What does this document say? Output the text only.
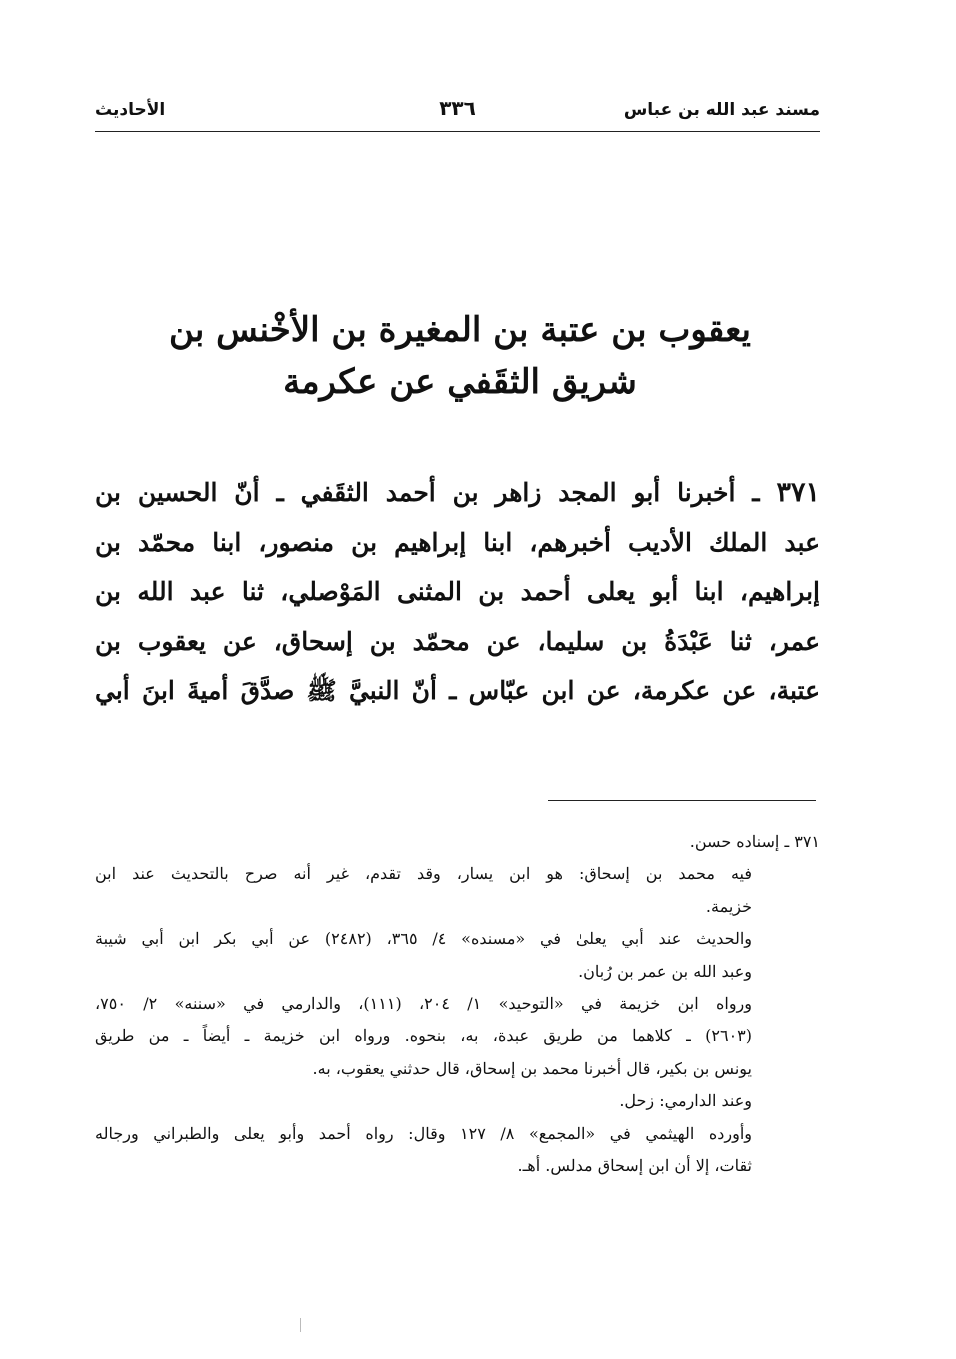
مسند عبد الله بن عباس
٣٣٦
الأحاديث
يعقوب بن عتبة بن المغيرة بن الأخْنس بن
شريق الثقَفي عن عكرمة
٣٧١ ـ أخبرنا أبو المجد زاهر بن أحمد الثقَفي ـ أنّ الحسين بن
عبد الملك الأديب أخبرهم، ابنا إبراهيم بن منصور، ابنا محمّد بن
إبراهيم، ابنا أبو يعلى أحمد بن المثنى المَوْصلي، ثنا عبد الله بن
عمر، ثنا عَبْدَةُ بن سليما، عن محمّد بن إسحاق، عن يعقوب بن
عتبة، عن عكرمة، عن ابن عبّاس ـ أنّ النبيَّ ﷺ صدَّقَ أميةَ ابنَ أبي
٣٧١ ـ إسناده حسن.
فيه محمد بن إسحاق: هو ابن يسار، وقد تقدم، غير أنه صرح بالتحديث عند ابن
خزيمة.
والحديث عند أبي يعلىٰ في «مسنده» ٤/ ٣٦٥، (٢٤٨٢) عن أبي بكر ابن أبي شيبة
وعبد الله بن عمر بن رُبان.
ورواه ابن خزيمة في «التوحيد» ١/ ٢٠٤، (١١١)، والدارمي في «سننه» ٢/ ٧٥٠،
(٢٦٠٣) ـ كلاهما من طريق عبدة، به، بنحوه. ورواه ابن خزيمة ـ أيضاً ـ من طريق
يونس بن بكير، قال أخبرنا محمد بن إسحاق، قال حدثني يعقوب، به.
وعند الدارمي: زحل.
وأورده الهيثمي في «المجمع» ٨/ ١٢٧ وقال: رواه أحمد وأبو يعلى والطبراني ورجاله
ثقات، إلا أن ابن إسحاق مدلس. أهـ.
